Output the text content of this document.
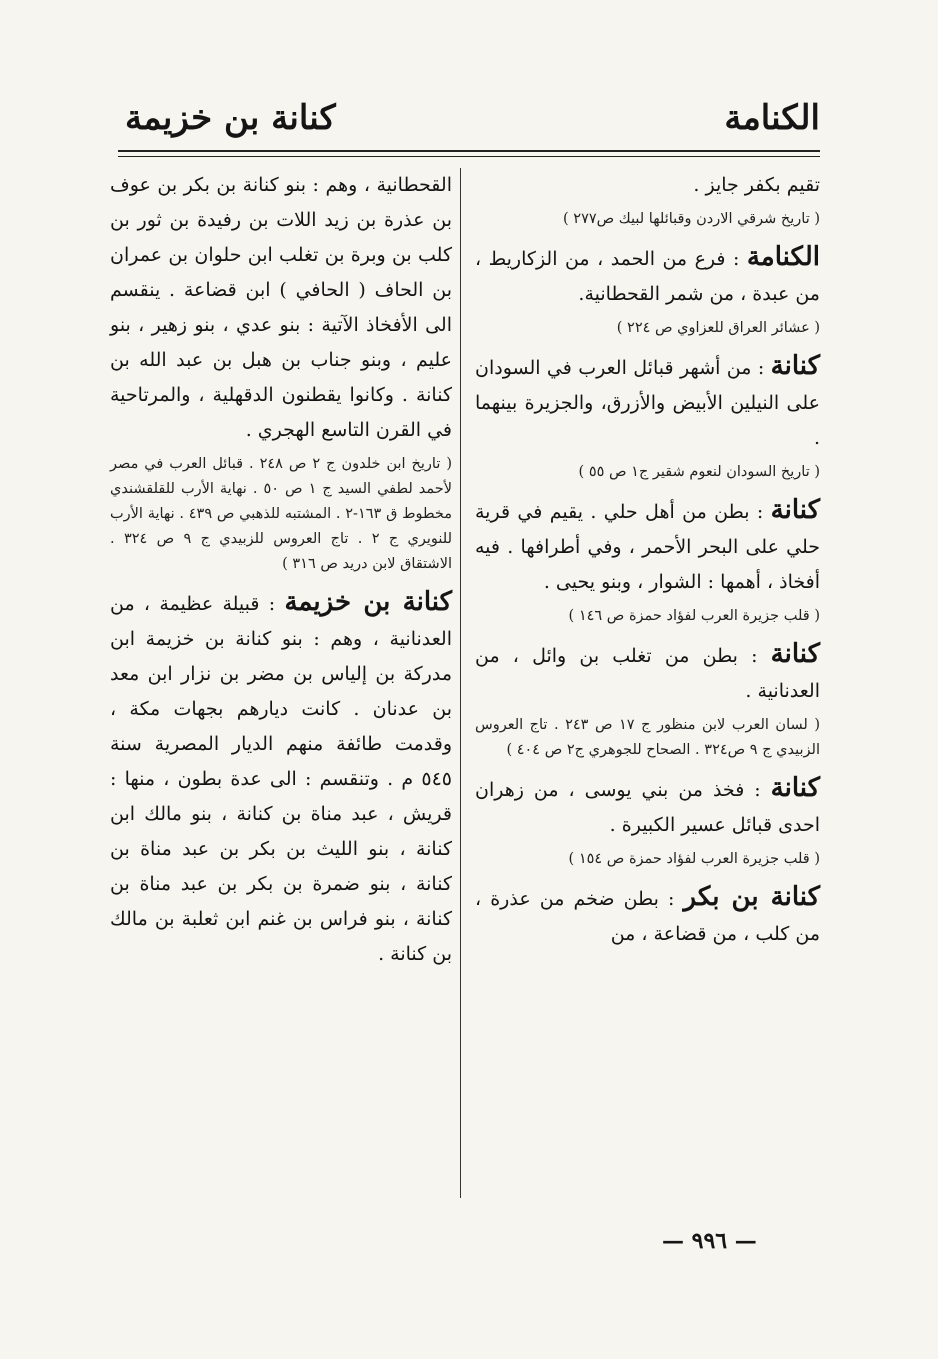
الكنامة
كنانة بن خزيمة

تقيم بكفر جايز .

( تاريخ شرقي الاردن وقبائلها لبيك ص٢٧٧ )

الكنامة : فرع من الحمد ، من الزكاريط ، من عبدة ، من شمر القحطانية.

( عشائر العراق للعزاوي ص ٢٢٤ )

كنانة : من أشهر قبائل العرب في السودان على النيلين الأبيض والأزرق، والجزيرة بينهما .

( تاريخ السودان لنعوم شقير ج١ ص ٥٥ )

كنانة : بطن من أهل حلي . يقيم في قرية حلي على البحر الأحمر ، وفي أطرافها . فيه أفخاذ ، أهمها : الشوار ، وبنو يحيى .

( قلب جزيرة العرب لفؤاد حمزة ص ١٤٦ )

كنانة : بطن من تغلب بن وائل ، من العدنانية .

( لسان العرب لابن منظور ج ١٧ ص ٢٤٣ . تاج العروس الزبيدي ج ٩ ص٣٢٤ . الصحاح للجوهري ج٢ ص ٤٠٤ )

كنانة : فخذ من بني يوسى ، من زهران احدى قبائل عسير الكبيرة .

( قلب جزيرة العرب لفؤاد حمزة ص ١٥٤ )

كنانة بن بكر : بطن ضخم من عذرة ، من كلب ، من قضاعة ، من

القحطانية ، وهم : بنو كنانة بن بكر بن عوف بن عذرة بن زيد اللات بن رفيدة بن ثور بن كلب بن وبرة بن تغلب ابن حلوان بن عمران بن الحاف ( الحافي ) ابن قضاعة . ينقسم الى الأفخاذ الآتية : بنو عدي ، بنو زهير ، بنو عليم ، وبنو جناب بن هبل بن عبد الله بن كنانة . وكانوا يقطنون الدقهلية ، والمرتاحية في القرن التاسع الهجري .

( تاريخ ابن خلدون ج ٢ ص ٢٤٨ . قبائل العرب في مصر لأحمد لطفي السيد ج ١ ص ٥٠ . نهاية الأرب للقلقشندي مخطوط ق ١٦٣-٢ . المشتبه للذهبي ص ٤٣٩ . نهاية الأرب للنويري ج ٢ . تاج العروس للزبيدي ج ٩ ص ٣٢٤ . الاشتقاق لابن دريد ص ٣١٦ )

كنانة بن خزيمة : قبيلة عظيمة ، من العدنانية ، وهم : بنو كنانة بن خزيمة ابن مدركة بن إلياس بن مضر بن نزار ابن معد بن عدنان . كانت ديارهم بجهات مكة ، وقدمت طائفة منهم الديار المصرية سنة ٥٤٥ م . وتنقسم : الى عدة بطون ، منها : قريش ، عبد مناة بن كنانة ، بنو مالك ابن كنانة ، بنو الليث بن بكر بن عبد مناة بن كنانة ، بنو ضمرة بن بكر بن عبد مناة بن كنانة ، بنو فراس بن غنم ابن ثعلبة بن مالك بن كنانة .

— ٩٩٦ —
